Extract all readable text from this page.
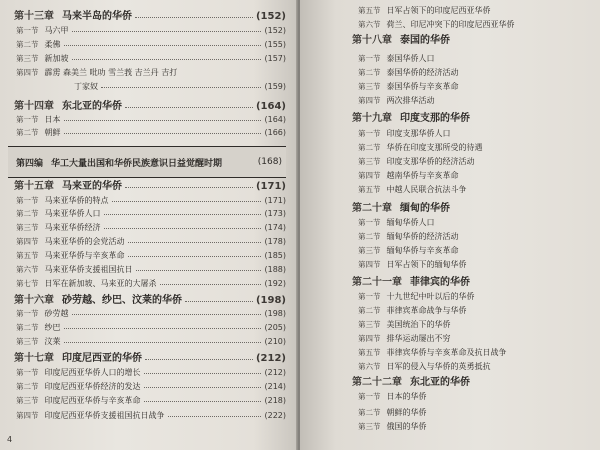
第十三章 马来半岛的华侨	(152)
第一节 马六甲	(152)
第二节 柔佛	(155)
第三节 新加坡	(157)
第四节 霹雳 森美兰 吡叻 雪兰莪 吉兰丹 吉打
丁家奴	(159)
第十四章 东北亚的华侨	(164)
第一节 日本	(164)
第二节 朝鲜	(166)
第四编 华工大量出国和华侨民族意识日益觉醒时期	(168)
第十五章 马来亚的华侨	(171)
第一节 马来亚华侨的特点	(171)
第二节 马来亚华侨人口	(173)
第三节 马来亚华侨经济	(174)
第四节 马来亚华侨的会党活动	(178)
第五节 马来亚华侨与辛亥革命	(185)
第六节 马来亚华侨支援祖国抗日	(188)
第七节 日军在新加坡、马来亚的大屠杀	(192)
第十六章 砂劳越、纱巴、汶莱的华侨	(198)
第一节 砂劳越	(198)
第二节 纱巴	(205)
第三节 汶莱	(210)
第十七章 印度尼西亚的华侨	(212)
第一节 印度尼西亚华侨人口的增长	(212)
第二节 印度尼西亚华侨经济的发达	(214)
第三节 印度尼西亚华侨与辛亥革命	(218)
第四节 印度尼西亚华侨支援祖国抗日战争	(222)
4
第五节 日军占领下的印度尼西亚华侨
第六节 荷兰、印尼冲突下的印度尼西亚华侨
第十八章 泰国的华侨
第一节 泰国华侨人口
第二节 泰国华侨的经济活动
第三节 泰国华侨与辛亥革命
第四节 两次排华活动
第十九章 印度支那的华侨
第一节 印度支那华侨人口
第二节 华侨在印度支那所受的待遇
第三节 印度支那华侨的经济活动
第四节 越南华侨与辛亥革命
第五节 中越人民联合抗法斗争
第二十章 缅甸的华侨
第一节 缅甸华侨人口
第二节 缅甸华侨的经济活动
第三节 缅甸华侨与辛亥革命
第四节 日军占领下的缅甸华侨
第二十一章 菲律宾的华侨
第一节 十九世纪中叶以后的华侨
第二节 菲律宾革命战争与华侨
第三节 美国统治下的华侨
第四节 排华运动屡出不穷
第五节 菲律宾华侨与辛亥革命及抗日战争
第六节 日军的侵入与华侨的英勇抵抗
第二十二章 东北亚的华侨
第一节 日本的华侨
第二节 朝鲜的华侨
第三节 俄国的华侨
